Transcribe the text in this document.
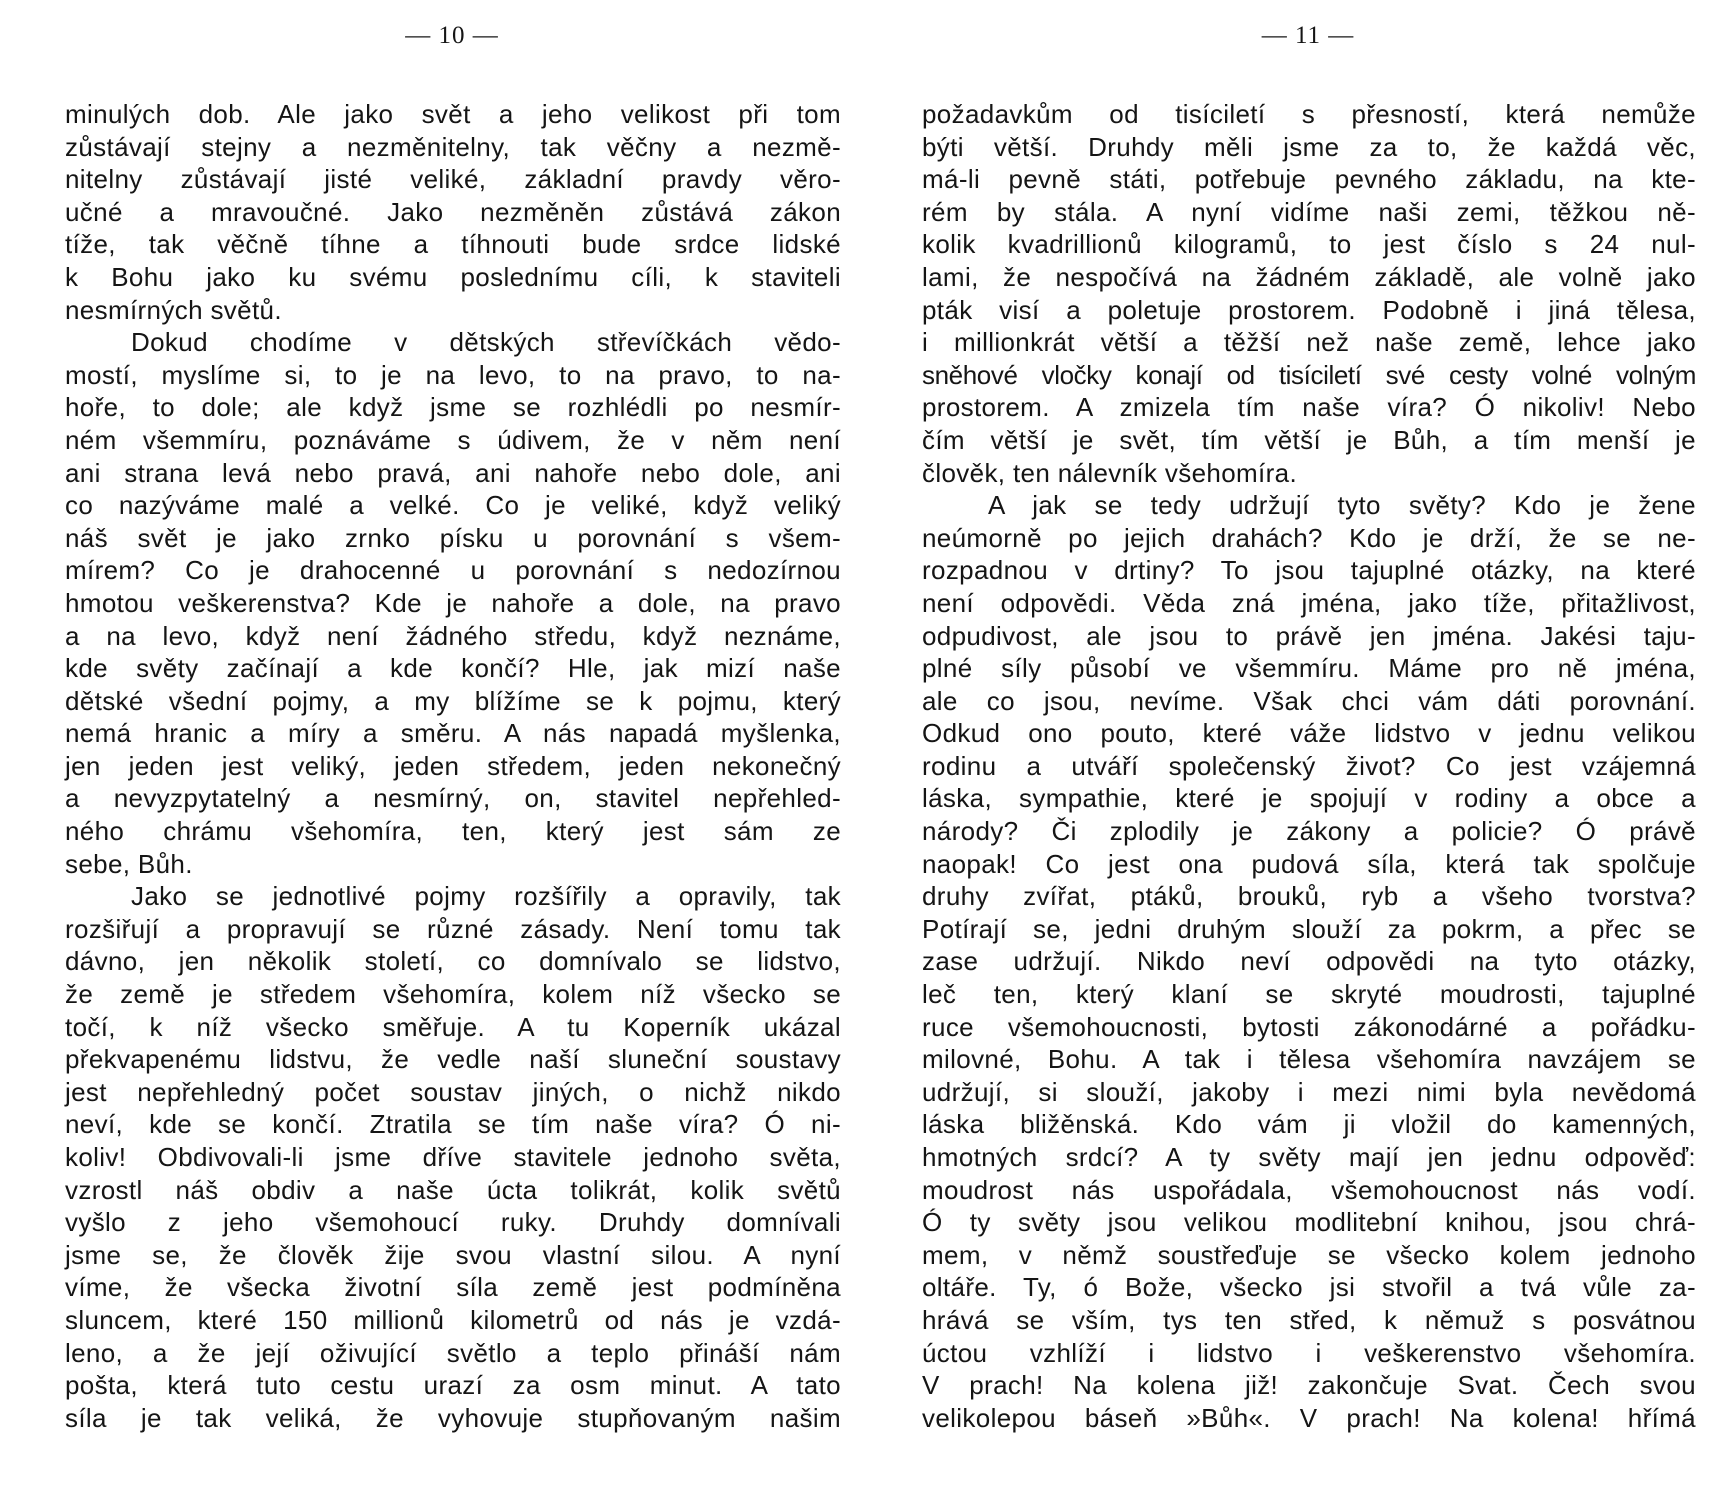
— 10 —	— 11 —
minulých dob. Ale jako svět a jeho velikost při tom
zůstávají stejny a nezměnitelny, tak věčny a nezmě-
nitelny zůstávají jisté veliké, základní pravdy věro-
učné a mravoučné. Jako nezměněn zůstává zákon
tíže, tak věčně tíhne a tíhnouti bude srdce lidské
k Bohu jako ku svému poslednímu cíli, k staviteli
nesmírných světů.
Dokud chodíme v dětských střevíčkách vědo-
mostí, myslíme si, to je na levo, to na pravo, to na-
hoře, to dole; ale když jsme se rozhlédli po nesmír-
ném všemmíru, poznáváme s údivem, že v něm není
ani strana levá nebo pravá, ani nahoře nebo dole, ani
co nazýváme malé a velké. Co je veliké, když veliký
náš svět je jako zrnko písku u porovnání s všem-
mírem? Co je drahocenné u porovnání s nedozírnou
hmotou veškerenstva? Kde je nahoře a dole, na pravo
a na levo, když není žádného středu, když neznáme,
kde světy začínají a kde končí? Hle, jak mizí naše
dětské všední pojmy, a my blížíme se k pojmu, který
nemá hranic a míry a směru. A nás napadá myšlenka,
jen jeden jest veliký, jeden středem, jeden nekonečný
a nevyzpytatelný a nesmírný, on, stavitel nepřehled-
ného chrámu všehomíra, ten, který jest sám ze
sebe, Bůh.
Jako se jednotlivé pojmy rozšířily a opravily, tak
rozšiřují a propravují se různé zásady. Není tomu tak
dávno, jen několik století, co domnívalo se lidstvo,
že země je středem všehomíra, kolem níž všecko se
točí, k níž všecko směřuje. A tu Koperník ukázal
překvapenému lidstvu, že vedle naší sluneční soustavy
jest nepřehledný počet soustav jiných, o nichž nikdo
neví, kde se končí. Ztratila se tím naše víra? Ó ni-
koliv! Obdivovali-li jsme dříve stavitele jednoho světa,
vzrostl náš obdiv a naše úcta tolikrát, kolik světů
vyšlo z jeho všemohoucí ruky. Druhdy domnívali
jsme se, že člověk žije svou vlastní silou. A nyní
víme, že všecka životní síla země jest podmíněna
sluncem, které 150 millionů kilometrů od nás je vzdá-
leno, a že její oživující světlo a teplo přináší nám
pošta, která tuto cestu urazí za osm minut. A tato
síla je tak veliká, že vyhovuje stupňovaným našim
požadavkům od tisíciletí s přesností, která nemůže
býti větší. Druhdy měli jsme za to, že každá věc,
má-li pevně státi, potřebuje pevného základu, na kte-
rém by stála. A nyní vidíme naši zemi, těžkou ně-
kolik kvadrillionů kilogramů, to jest číslo s 24 nul-
lami, že nespočívá na žádném základě, ale volně jako
pták visí a poletuje prostorem. Podobně i jiná tělesa,
i millionkrát větší a těžší než naše země, lehce jako
sněhové vločky konají od tisíciletí své cesty volné volným
prostorem. A zmizela tím naše víra? Ó nikoliv! Nebo
čím větší je svět, tím větší je Bůh, a tím menší je
člověk, ten nálevník všehomíra.
A jak se tedy udržují tyto světy? Kdo je žene
neúmorně po jejich drahách? Kdo je drží, že se ne-
rozpadnou v drtiny? To jsou tajuplné otázky, na které
není odpovědi. Věda zná jména, jako tíže, přitažlivost,
odpudivost, ale jsou to právě jen jména. Jakési taju-
plné síly působí ve všemmíru. Máme pro ně jména,
ale co jsou, nevíme. Však chci vám dáti porovnání.
Odkud ono pouto, které váže lidstvo v jednu velikou
rodinu a utváří společenský život? Co jest vzájemná
láska, sympathie, které je spojují v rodiny a obce a
národy? Či zplodily je zákony a policie? Ó právě
naopak! Co jest ona pudová síla, která tak spolčuje
druhy zvířat, ptáků, brouků, ryb a všeho tvorstva?
Potírají se, jedni druhým slouží za pokrm, a přec se
zase udržují. Nikdo neví odpovědi na tyto otázky,
leč ten, který klaní se skryté moudrosti, tajuplné
ruce všemohoucnosti, bytosti zákonodárné a pořádku-
milovné, Bohu. A tak i tělesa všehomíra navzájem se
udržují, si slouží, jakoby i mezi nimi byla nevědomá
láska bližěnská. Kdo vám ji vložil do kamenných,
hmotných srdcí? A ty světy mají jen jednu odpověď:
moudrost nás uspořádala, všemohoucnost nás vodí.
Ó ty světy jsou velikou modlitební knihou, jsou chrá-
mem, v němž soustřeďuje se všecko kolem jednoho
oltáře. Ty, ó Bože, všecko jsi stvořil a tvá vůle za-
hrává se vším, tys ten střed, k němuž s posvátnou
úctou vzhlíží i lidstvo i veškerenstvo všehomíra.
V prach! Na kolena již! zakončuje Svat. Čech svou
velikolepou báseň »Bůh«. V prach! Na kolena! hřímá
